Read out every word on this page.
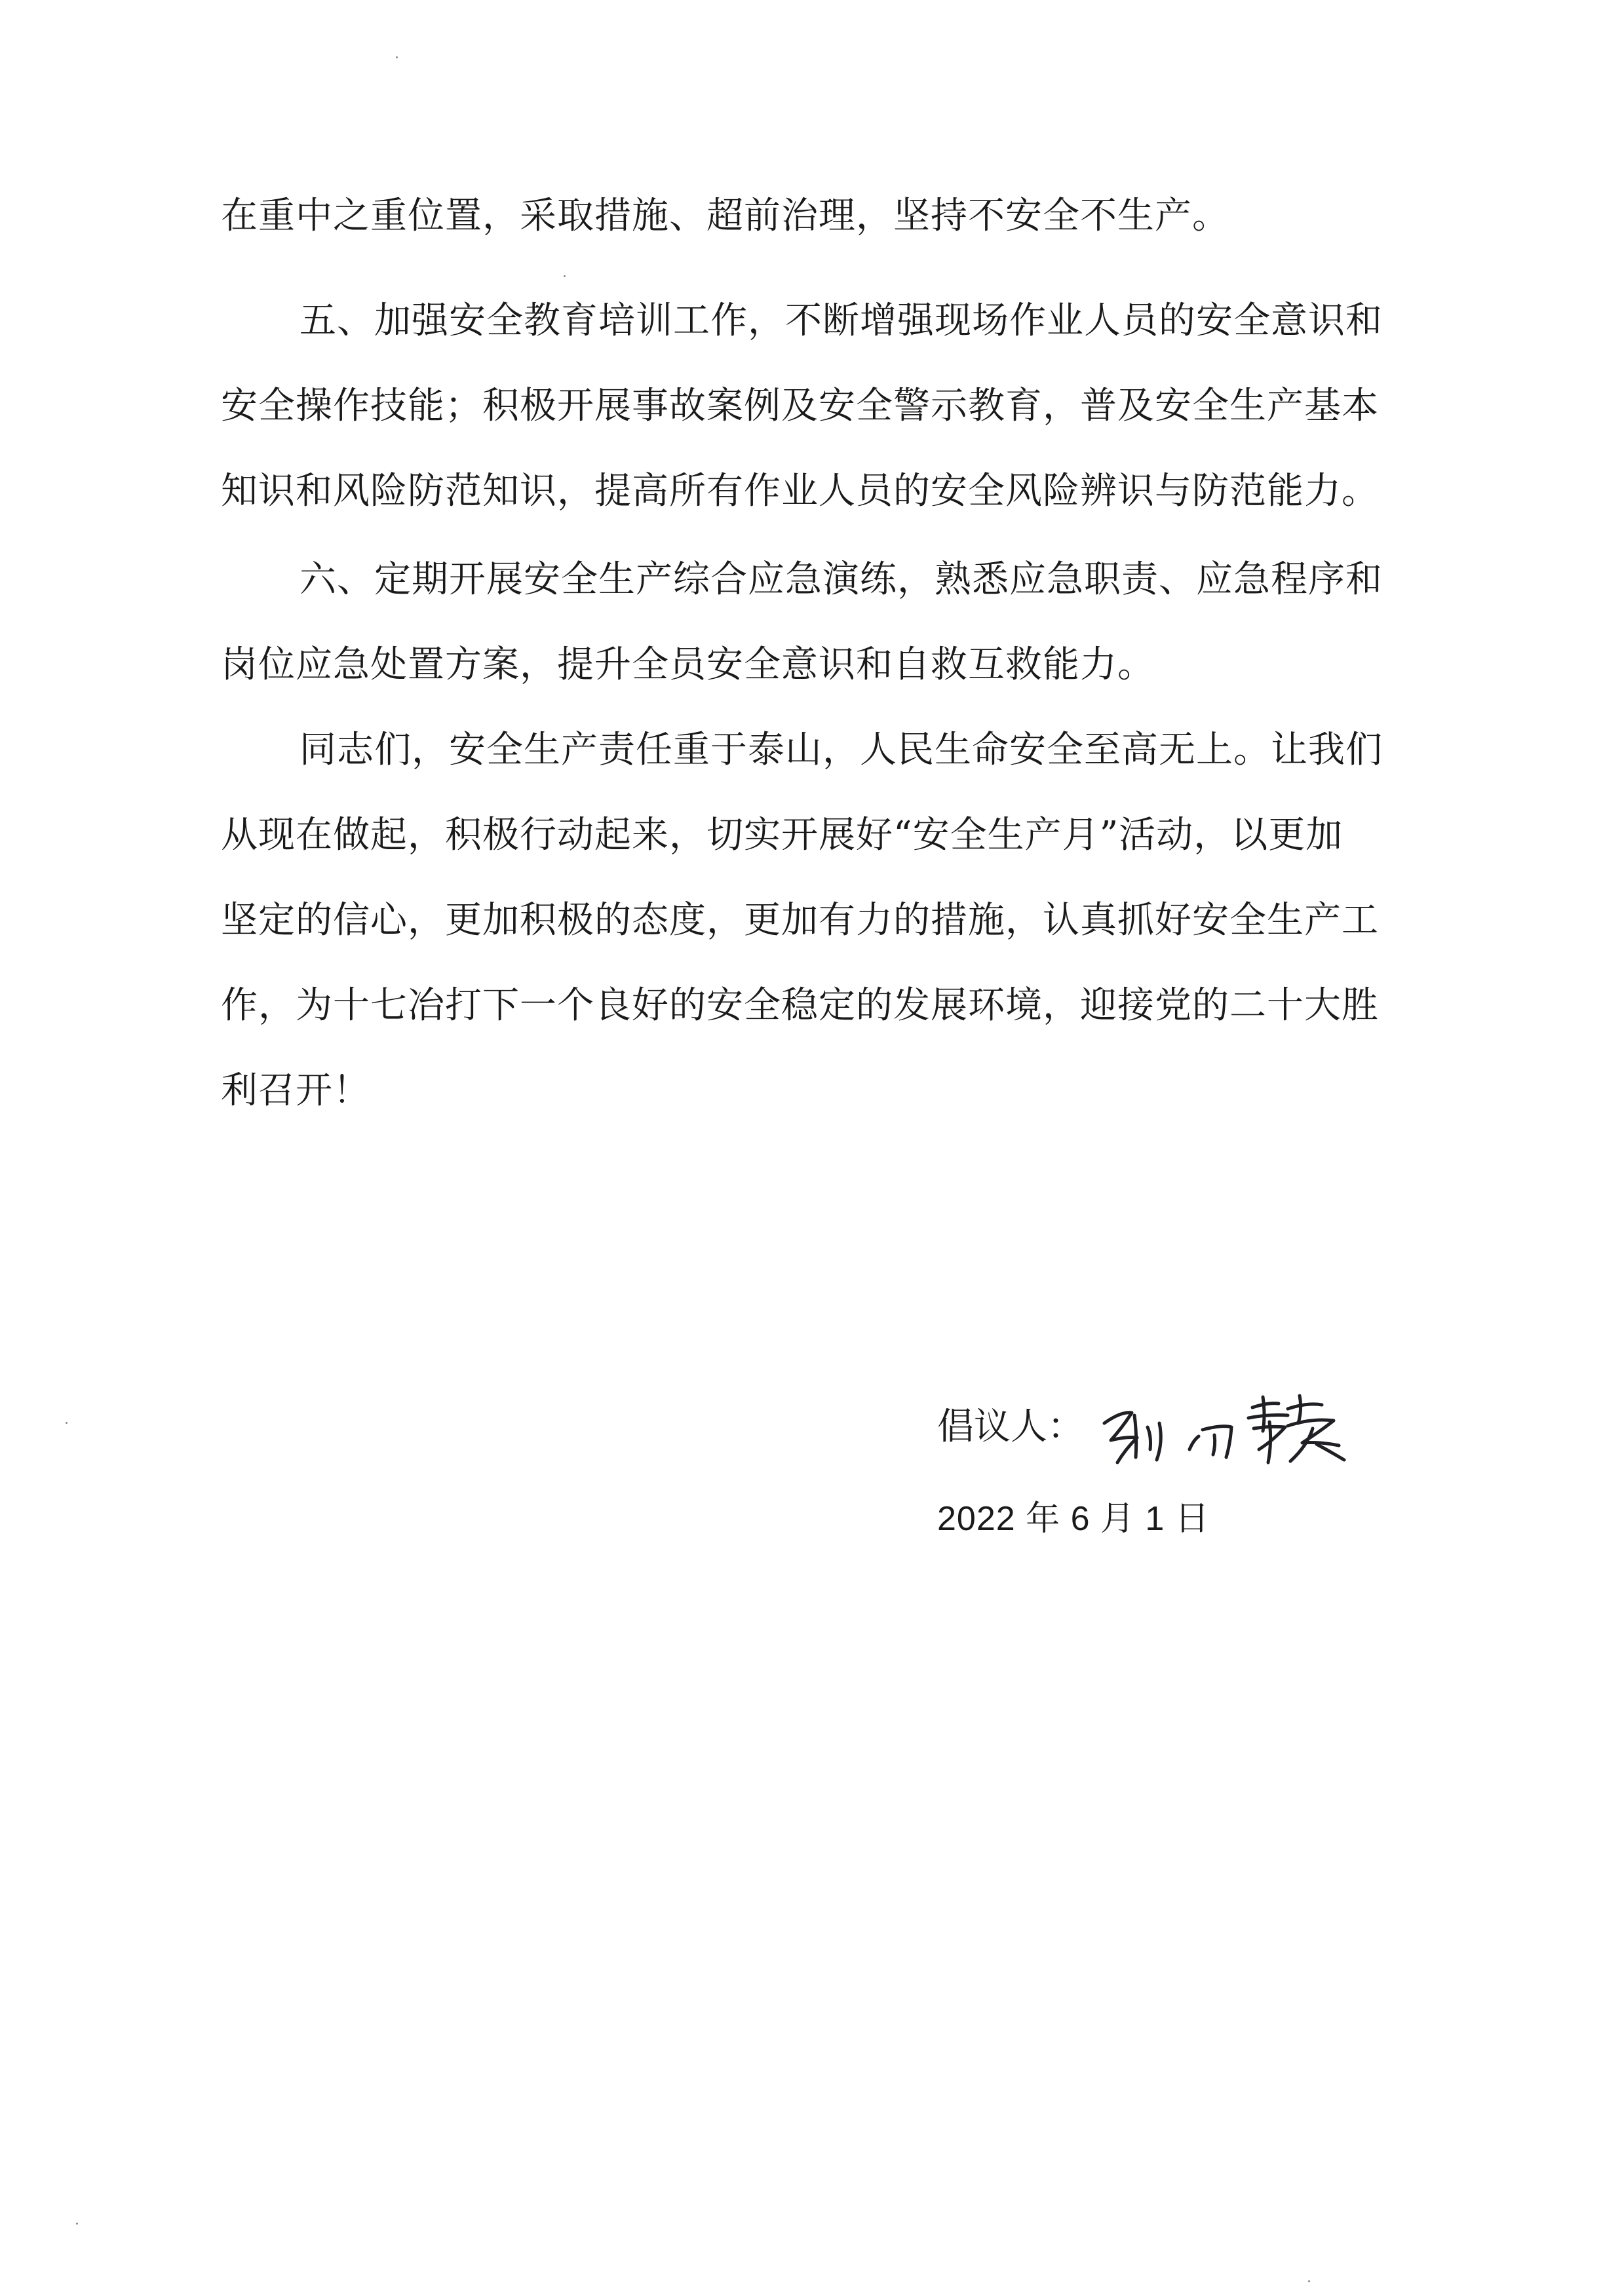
在重中之重位置，采取措施、超前治理，坚持不安全不生产。

五、加强安全教育培训工作，不断增强现场作业人员的安全意识和

安全操作技能；积极开展事故案例及安全警示教育，普及安全生产基本

知识和风险防范知识，提高所有作业人员的安全风险辨识与防范能力。

六、定期开展安全生产综合应急演练，熟悉应急职责、应急程序和

岗位应急处置方案，提升全员安全意识和自救互救能力。

同志们，安全生产责任重于泰山，人民生命安全至高无上。让我们

从现在做起，积极行动起来，切实开展好“安全生产月”活动，以更加

坚定的信心，更加积极的态度，更加有力的措施，认真抓好安全生产工

作，为十七冶打下一个良好的安全稳定的发展环境，迎接党的二十大胜

利召开！

倡议人：
2022 年 6 月 1 日
